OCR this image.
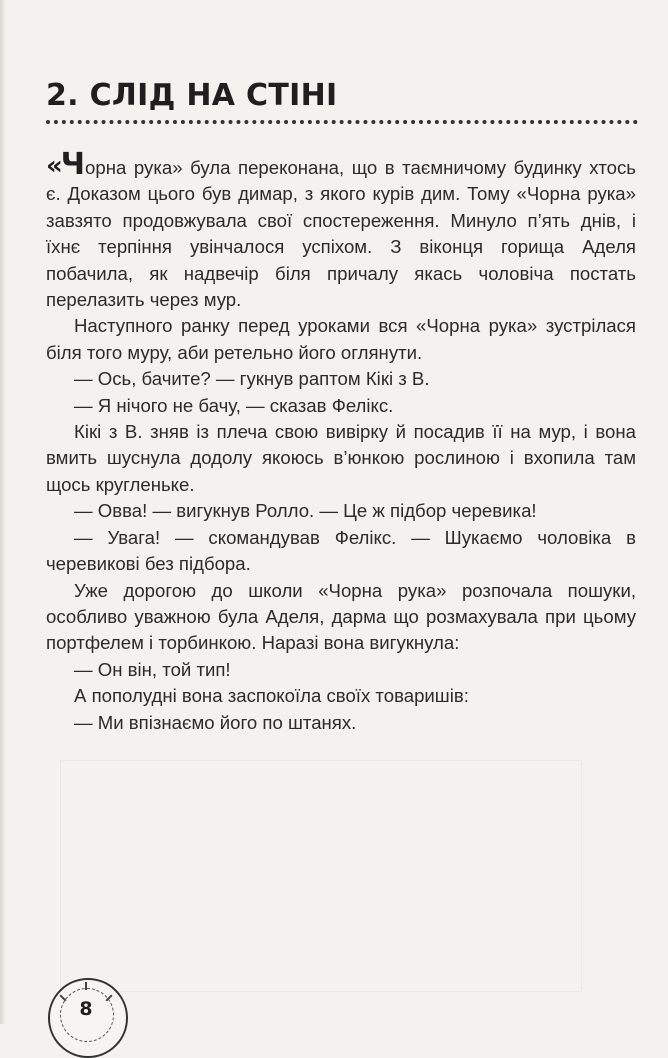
2. СЛІД НА СТІНІ

«Чорна рука» була переконана, що в таємничому будинку хтось є. Доказом цього був димар, з якого курів дим. Тому «Чорна рука» завзято продовжувала свої спостереження. Минуло п’ять днів, і їхнє терпіння увінчалося успіхом. З віконця горища Аделя побачила, як надвечір біля причалу якась чоловіча постать перелазить через мур.

Наступного ранку перед уроками вся «Чорна рука» зустрілася біля того муру, аби ретельно його оглянути.

— Ось, бачите? — гукнув раптом Кікі з В.

— Я нічого не бачу, — сказав Фелікс.

Кікі з В. зняв із плеча свою вивірку й посадив її на мур, і вона вмить шуснула додолу якоюсь в’юнкою рослиною і вхопила там щось кругленьке.

— Овва! — вигукнув Ролло. — Це ж підбор черевика!

— Увага! — скомандував Фелікс. — Шукаємо чоловіка в черевикові без підбора.

Уже дорогою до школи «Чорна рука» розпочала пошуки, особливо уважною була Аделя, дарма що розмахувала при цьому портфелем і торбинкою. Наразі вона вигукнула:

— Он він, той тип!

А пополудні вона заспокоїла своїх товаришів:

— Ми впізнаємо його по штанях.

8
